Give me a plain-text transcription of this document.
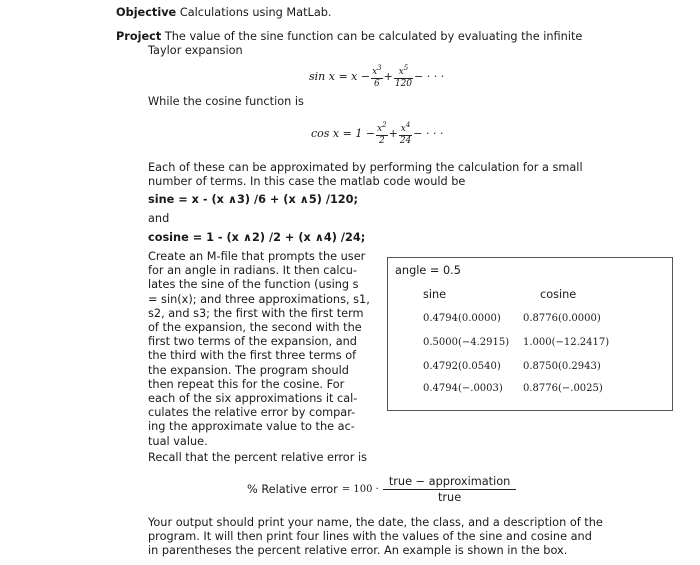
Objective Calculations using MatLab.
Project The value of the sine function can be calculated by evaluating the infinite
Taylor expansion
$\sin x = x - \frac{x^3}{6} + \frac{x^5}{120}$ − · · ·
While the cosine function is
$\cos x = 1 - \frac{x^2}{2} + \frac{x^4}{24}$ − · · ·
Each of these can be approximated by performing the calculation for a small
number of terms. In this case the matlab code would be
sine = x - (x ∧3) /6 + (x ∧5) /120;
and
cosine = 1 - (x ∧2) /2 + (x ∧4) /24;
Create an M-file that prompts the user
for an angle in radians. It then calcu-
lates the sine of the function (using s
= sin(x); and three approximations, s1,
s2, and s3; the first with the first term
of the expansion, the second with the
first two terms of the expansion, and
the third with the first three terms of
the expansion. The program should
then repeat this for the cosine. For
each of the six approximations it cal-
culates the relative error by compar-
ing the approximate value to the ac-
tual value.
angle = 0.5
sine	cosine
0.4794(0.0000) 0.8776(0.0000)
0.5000(−4.2915) 1.000(−12.2417)
0.4792(0.0540) 0.8750(0.2943)
0.4794(−.0003) 0.8776(−.0025)
Recall that the percent relative error is
% Relative error = $100 \cdot \frac{\text{true − approximation}}{\text{true}}$
Your output should print your name, the date, the class, and a description of the
program. It will then print four lines with the values of the sine and cosine and
in parentheses the percent relative error. An example is shown in the box.
